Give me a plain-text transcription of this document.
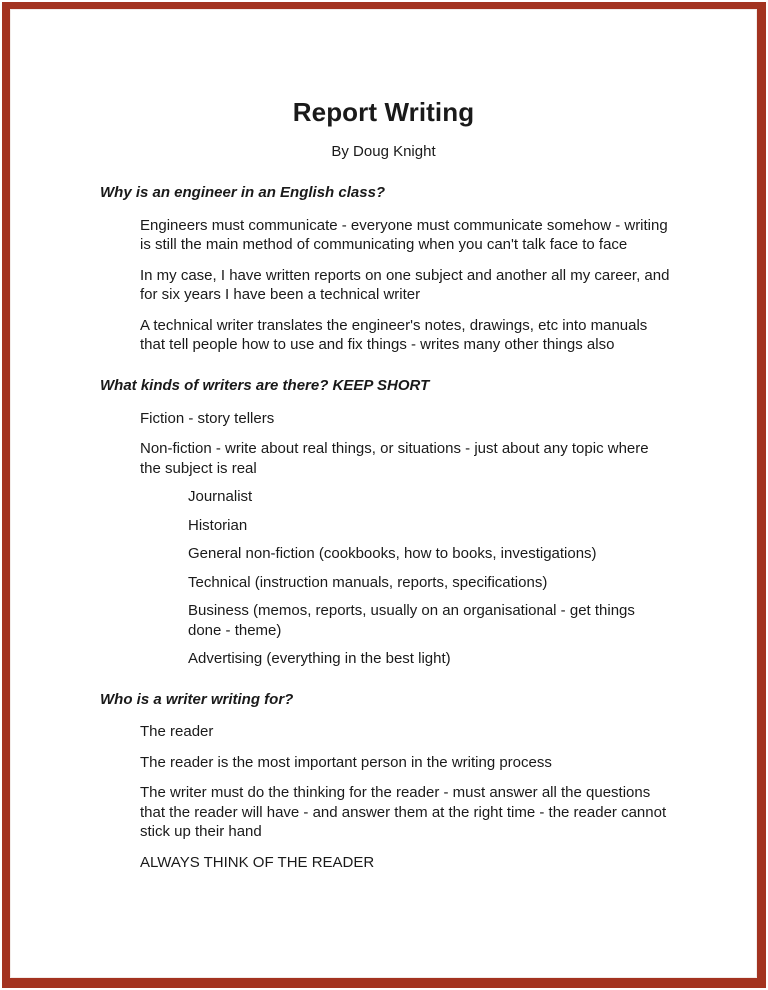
Report Writing

By Doug Knight

Why is an engineer in an English class?

Engineers must communicate - everyone must communicate somehow - writing is still the main method of communicating when you can't talk face to face

In my case, I have written reports on one subject and another all my career, and for six years I have been a technical writer

A technical writer translates the engineer's notes, drawings, etc into manuals that tell people how to use and fix things - writes many other things also

What kinds of writers are there? KEEP SHORT

Fiction - story tellers

Non-fiction - write about real things, or situations - just about any topic where the subject is real

Journalist

Historian

General non-fiction (cookbooks, how to books, investigations)

Technical (instruction manuals, reports, specifications)

Business (memos, reports, usually on an organisational - get things done - theme)

Advertising (everything in the best light)

Who is a writer writing for?

The reader

The reader is the most important person in the writing process

The writer must do the thinking for the reader - must answer all the questions that the reader will have - and answer them at the right time - the reader cannot stick up their hand

ALWAYS THINK OF THE READER
